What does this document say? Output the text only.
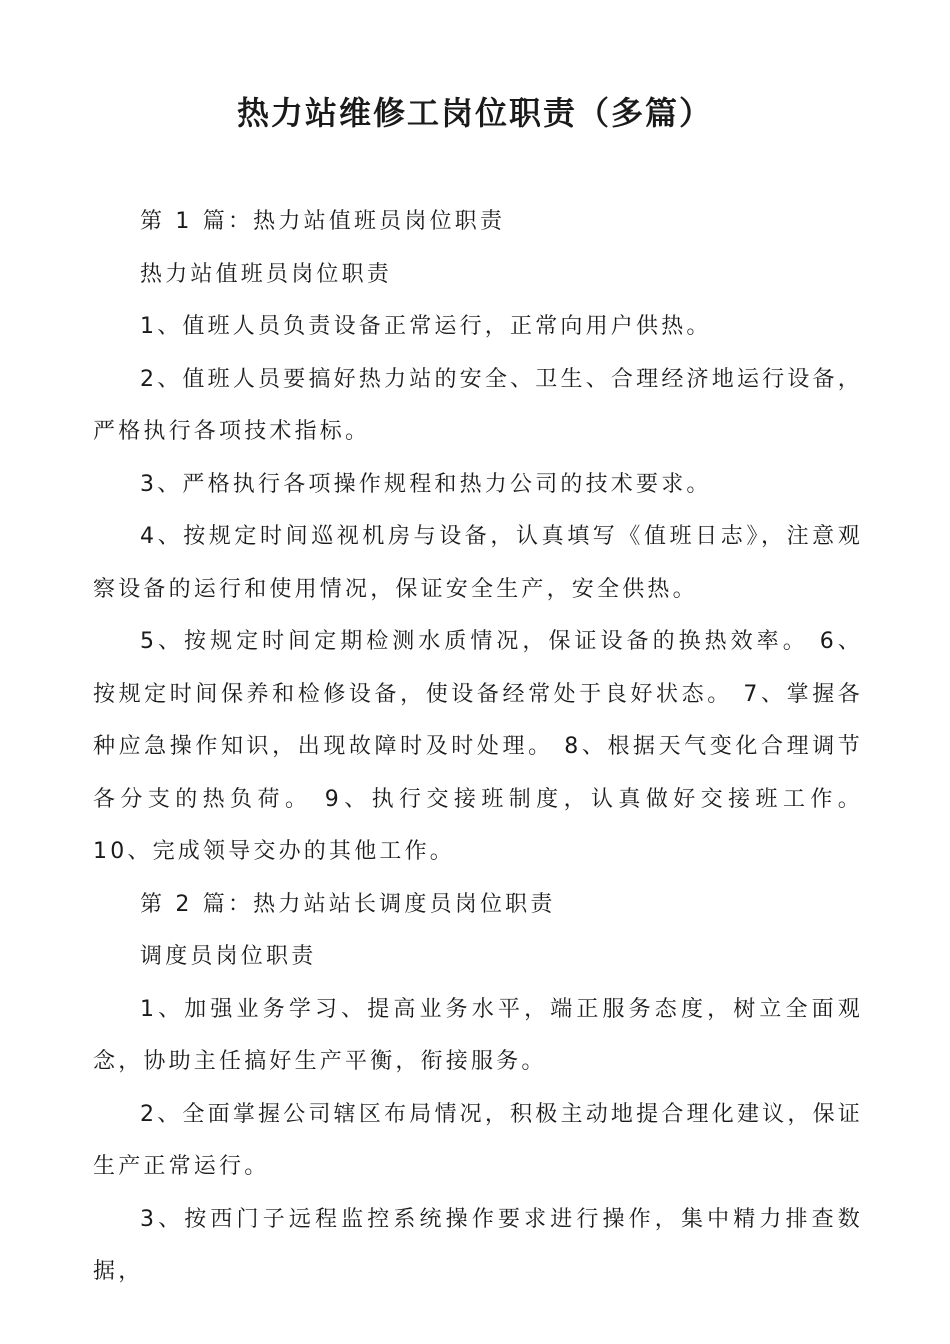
热力站维修工岗位职责（多篇）

第 1 篇：热力站值班员岗位职责

热力站值班员岗位职责

1、值班人员负责设备正常运行，正常向用户供热。

2、值班人员要搞好热力站的安全、卫生、合理经济地运行设备，严格执行各项技术指标。

3、严格执行各项操作规程和热力公司的技术要求。

4、按规定时间巡视机房与设备，认真填写《值班日志》，注意观察设备的运行和使用情况，保证安全生产，安全供热。

5、按规定时间定期检测水质情况，保证设备的换热效率。 6、按规定时间保养和检修设备，使设备经常处于良好状态。 7、掌握各种应急操作知识，出现故障时及时处理。 8、根据天气变化合理调节各分支的热负荷。 9、执行交接班制度，认真做好交接班工作。 10、完成领导交办的其他工作。

第 2 篇：热力站站长调度员岗位职责

调度员岗位职责

1、加强业务学习、提高业务水平，端正服务态度，树立全面观念，协助主任搞好生产平衡，衔接服务。

2、全面掌握公司辖区布局情况，积极主动地提合理化建议，保证生产正常运行。

3、按西门子远程监控系统操作要求进行操作，集中精力排查数据，
